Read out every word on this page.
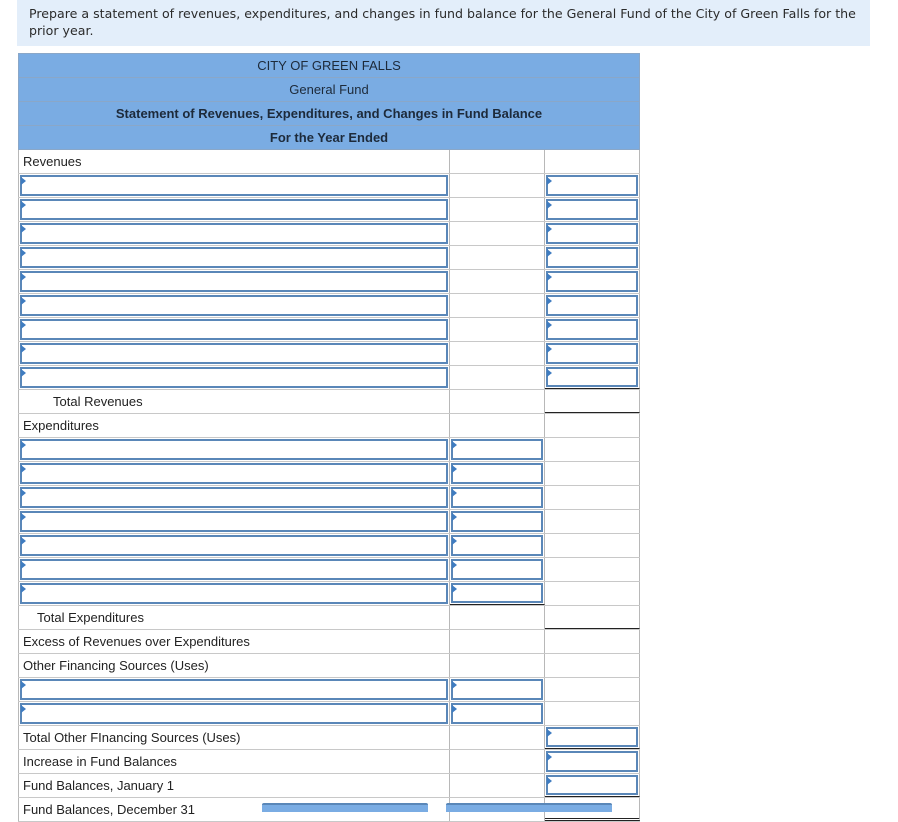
Prepare a statement of revenues, expenditures, and changes in fund balance for the General Fund of the City of Green Falls for the prior year.
CITY OF GREEN FALLS
General Fund
Statement of Revenues, Expenditures, and Changes in Fund Balance
For the Year Ended
Revenues
Total Revenues
Expenditures
Total Expenditures
Excess of Revenues over Expenditures
Other Financing Sources (Uses)
Total Other FInancing Sources (Uses)
Increase in Fund Balances
Fund Balances, January 1
Fund Balances, December 31
